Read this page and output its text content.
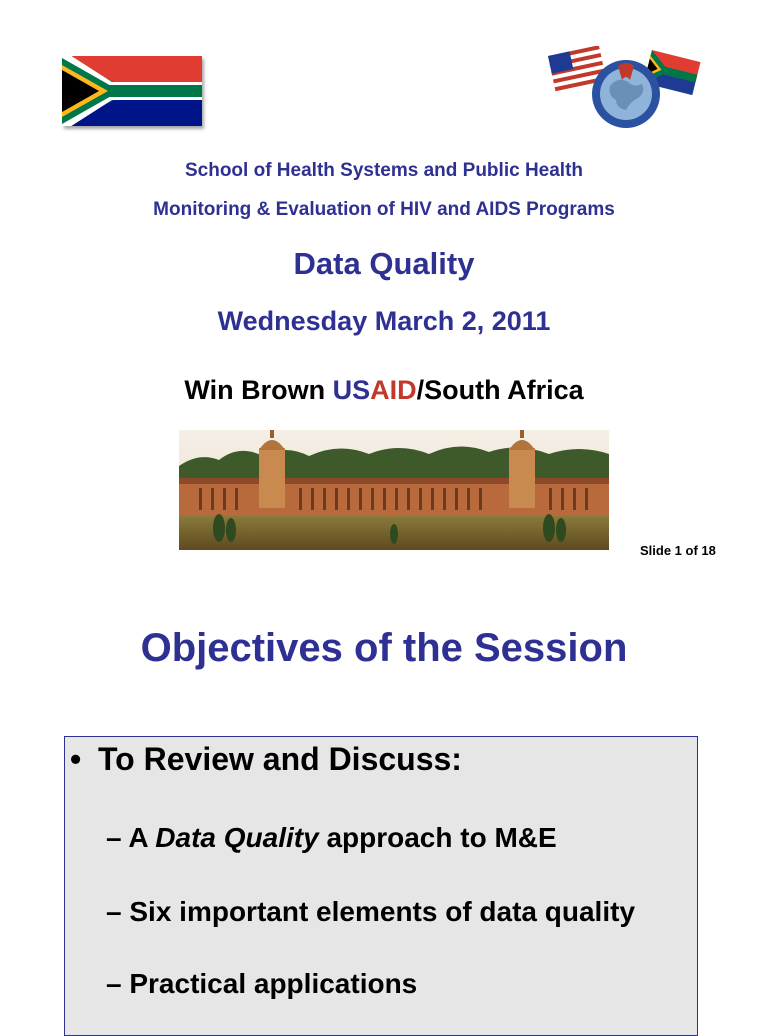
School of Health Systems and Public Health
Monitoring & Evaluation of HIV and AIDS Programs
Data Quality
Wednesday March 2, 2011
Win Brown USAID/South Africa
Slide 1 of 18
Objectives of the Session
• To Review and Discuss:
– A Data Quality approach to M&E
– Six important elements of data quality
– Practical applications
